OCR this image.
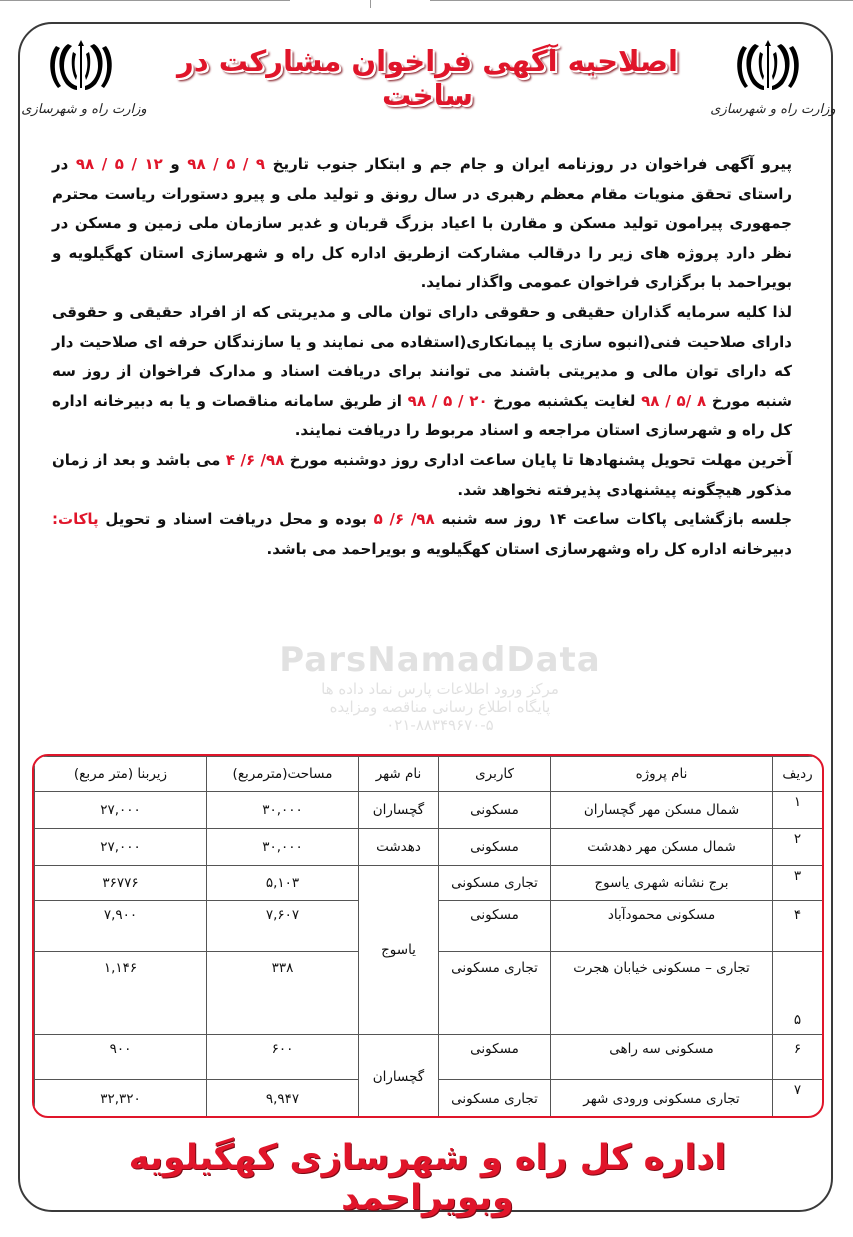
وزارت راه و شهرسازی
وزارت راه و شهرسازی
اصلاحیه آگهی فراخوان مشارکت در ساخت
ParsNamadData
مرکز ورود اطلاعات پارس نماد داده ها
پایگاه اطلاع رسانی مناقصه ومزایده
۰۲۱-۸۸۳۴۹۶۷۰-۵

پیرو آگهی فراخوان در روزنامه ایران و جام جم و ابتکار جنوب تاریخ ۹ / ۵ / ۹۸ و ۱۲ / ۵ / ۹۸ در راستای تحقق منویات مقام معظم رهبری در سال رونق و تولید ملی و پیرو دستورات ریاست محترم جمهوری پیرامون تولید مسکن و مقارن با اعیاد بزرگ قربان و غدیر سازمان ملی زمین و مسکن در نظر دارد پروژه های زیر را درقالب مشارکت ازطریق اداره کل راه و شهرسازی استان کهگیلویه و بویراحمد با برگزاری فراخوان عمومی واگذار نماید.

لذا کلیه سرمایه گذاران حقیقی و حقوقی دارای توان مالی و مدیریتی که از افراد حقیقی و حقوقی دارای صلاحیت فنی(انبوه سازی یا پیمانکاری(استفاده می نمایند و یا سازندگان حرفه ای صلاحیت دار که دارای توان مالی و مدیریتی باشند می توانند برای دریافت اسناد و مدارک فراخوان از روز سه شنبه مورخ ۸ /۵ / ۹۸ لغایت یکشنبه مورخ ۲۰ / ۵ / ۹۸ از طریق سامانه مناقصات و یا به دبیرخانه اداره کل راه و شهرسازی استان مراجعه و اسناد مربوط را دریافت نمایند.

آخرین مهلت تحویل پشنهادها تا پایان ساعت اداری روز دوشنبه مورخ ۹۸/ ۶/ ۴ می باشد و بعد از زمان مذکور هیچگونه پیشنهادی پذیرفته نخواهد شد.

جلسه بازگشایی پاکات ساعت ۱۴ روز سه شنبه ۹۸/ ۶/ ۵ بوده و محل دریافت اسناد و تحویل پاکات: دبیرخانه اداره کل راه وشهرسازی استان کهگیلویه و بویراحمد می باشد.

ردیف	نام پروژه	کاربری	نام شهر	مساحت(مترمربع)	زیربنا (متر مربع)
۱	شمال مسکن مهر گچساران	مسکونی	گچساران	۳۰,۰۰۰	۲۷,۰۰۰
۲	شمال مسکن مهر دهدشت	مسکونی	دهدشت	۳۰,۰۰۰	۲۷,۰۰۰
۳	برج نشانه شهری یاسوج	تجاری مسکونی	یاسوج	۵,۱۰۳	۳۶۷۷۶
۴	مسکونی محمودآباد	مسکونی		۷,۶۰۷	۷,۹۰۰
۵	تجاری – مسکونی خیابان هجرت	تجاری مسکونی		۳۳۸	۱,۱۴۶
۶	مسکونی سه راهی	مسکونی	گچساران	۶۰۰	۹۰۰
۷	تجاری مسکونی ورودی شهر	تجاری مسکونی		۹,۹۴۷	۳۲,۳۲۰
اداره کل راه و شهرسازی کهگیلویه وبویراحمد
